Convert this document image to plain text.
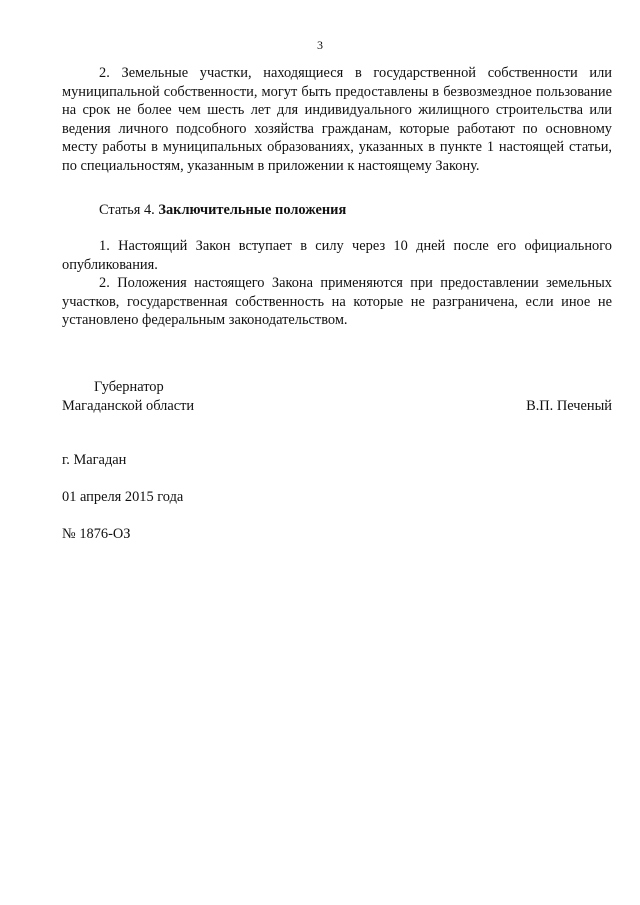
3

2. Земельные участки, находящиеся в государственной собственности или муниципальной собственности, могут быть предоставлены в безвозмездное пользование на срок не более чем шесть лет для индивидуального жилищного строительства или ведения личного подсобного хозяйства гражданам, которые работают по основному месту работы в муниципальных образованиях, указанных в пункте 1 настоящей статьи, по специальностям, указанным в приложении к настоящему Закону.

Статья 4. Заключительные положения

1. Настоящий Закон вступает в силу через 10 дней после его официального опубликования.

2. Положения настоящего Закона применяются при предоставлении земельных участков, государственная собственность на которые не разграничена, если иное не установлено федеральным законодательством.

Губернатор
Магаданской области	В.П. Печеный
г. Магадан
01 апреля 2015 года
№ 1876-ОЗ
